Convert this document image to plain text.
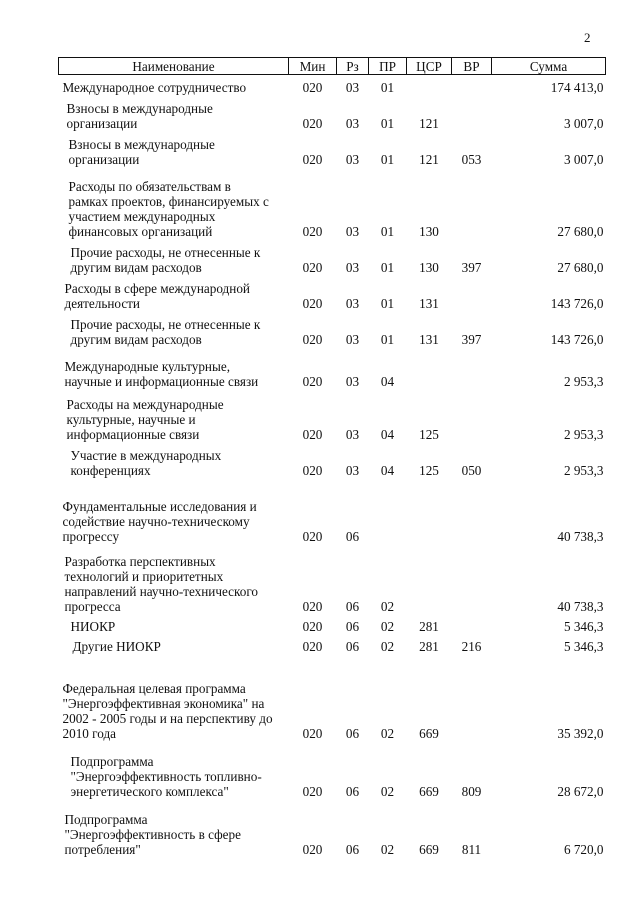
2
Наименование	Мин	Рз	ПР	ЦСР	ВР	Сумма

Международное сотрудничество	020	03	01			174 413,0

Взносы в международные
организации	020	03	01	121		3 007,0

Взносы в международные
организации	020	03	01	121	053	3 007,0

Расходы по обязательствам в
рамках проектов, финансируемых с
участием международных
финансовых организаций	020	03	01	130		27 680,0

Прочие расходы, не отнесенные к
другим видам расходов	020	03	01	130	397	27 680,0

Расходы в сфере международной
деятельности	020	03	01	131		143 726,0

Прочие расходы, не отнесенные к
другим видам расходов	020	03	01	131	397	143 726,0

Международные культурные,
научные и информационные связи	020	03	04			2 953,3

Расходы на международные
культурные, научные и
информационные связи	020	03	04	125		2 953,3

Участие в международных
конференциях	020	03	04	125	050	2 953,3

Фундаментальные исследования и
содействие научно-техническому
прогрессу	020	06				40 738,3

Разработка перспективных
технологий и приоритетных
направлений научно-технического
прогресса	020	06	02			40 738,3

НИОКР	020	06	02	281		5 346,3

Другие НИОКР	020	06	02	281	216	5 346,3

Федеральная целевая программа
"Энергоэффективная экономика" на
2002 - 2005 годы и на перспективу до
2010 года	020	06	02	669		35 392,0

Подпрограмма
"Энергоэффективность топливно-
энергетического комплекса"	020	06	02	669	809	28 672,0

Подпрограмма
"Энергоэффективность в сфере
потребления"	020	06	02	669	811	6 720,0
